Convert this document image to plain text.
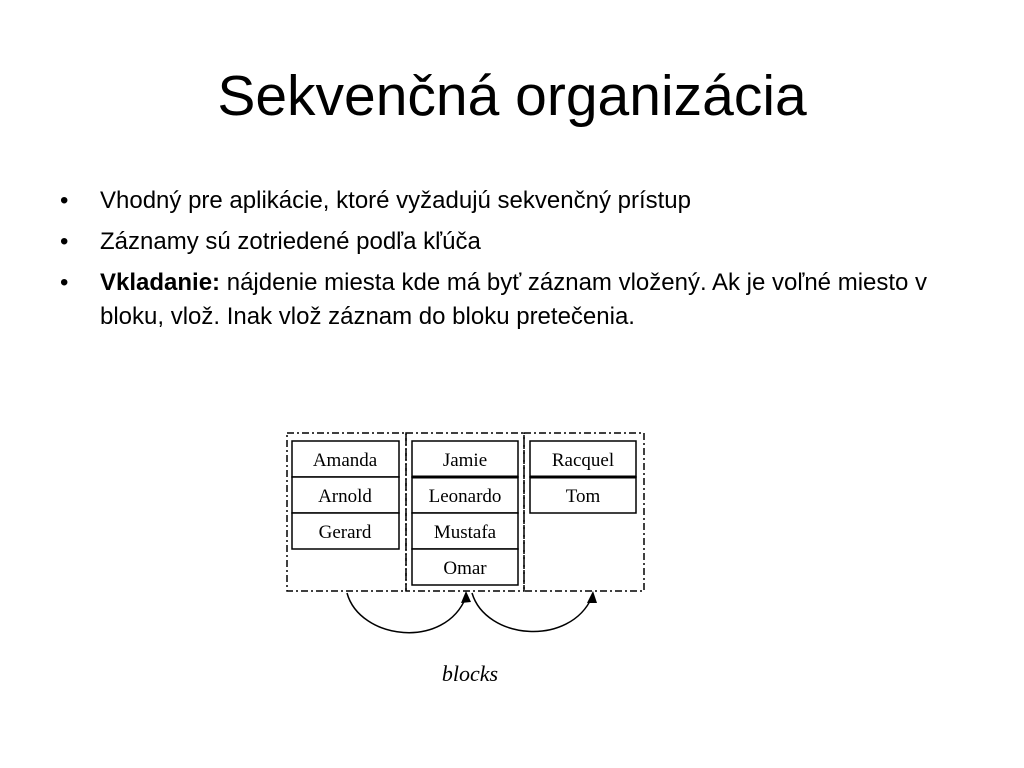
Sekvenčná organizácia
•	Vhodný pre aplikácie, ktoré vyžadujú sekvenčný prístup
•	Záznamy sú zotriedené podľa kľúča
•	Vkladanie: nájdenie miesta kde má byť záznam vložený. Ak je voľné miesto v bloku, vlož. Inak vlož záznam do bloku pretečenia.
Amanda
Arnold
Gerard
Jamie
Leonardo
Mustafa
Omar
Racquel
Tom
blocks
